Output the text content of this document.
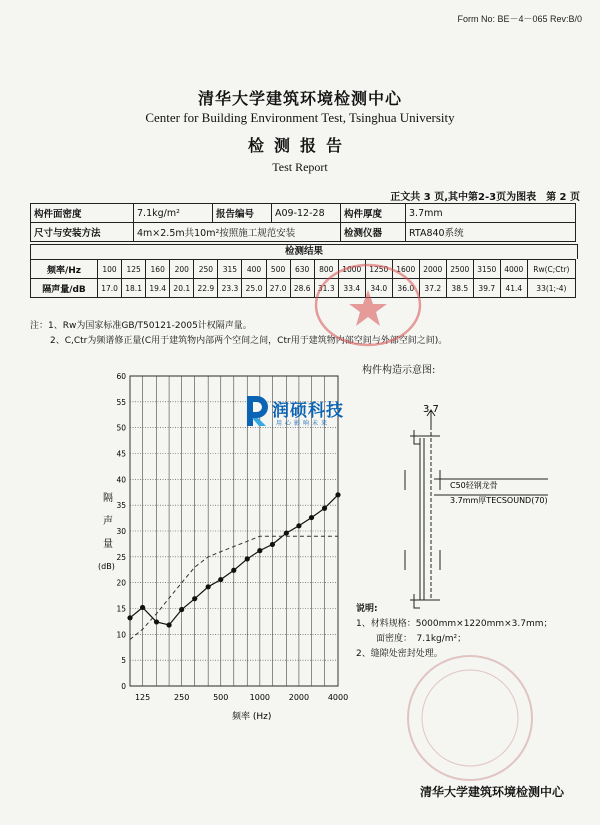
Form No: BE－4－065 Rev:B/0
清华大学建筑环境检测中心
Center for Building Environment Test, Tsinghua University
检测报告
Test Report
正文共 3 页,其中第2-3页为图表　第 2 页
构件面密度	7.1kg/m²	报告编号	A09-12-28	构件厚度	3.7mm
尺寸与安装方法	4m×2.5m共10m²按照施工规范安装			检测仪器	RTA840系统
检测结果
频率/Hz	100	125	160	200	250	315	400	500	630	800	1000	1250	1600	2000	2500	3150	4000	Rw(C;Ctr)
隔声量/dB	17.0	18.1	19.4	20.1	22.9	23.3	25.0	27.0	28.6	31.3	33.4	34.0	36.0	37.2	38.5	39.7	41.4	33(1;-4)
注：1、Rw为国家标准GB/T50121-2005计权隔声量。
2、C,Ctr为频谱修正量(C用于建筑物内部两个空间之间，Ctr用于建筑物内部空间与外部空间之间)。
0
5
10
15
20
25
30
35
40
45
50
55
60
125	250	500	1000 2000 4000
隔
声
量
(dB)
频率 (Hz)
3.7
C50轻钢龙骨
3.7mm厚TECSOUND(70)
润硕科技
用心影响未来
构件构造示意图:
说明:
1、材料规格：5000mm×1220mm×3.7mm；
面密度：　7.1kg/m²；
2、缝隙处密封处理。
清华大学建筑环境检测中心
